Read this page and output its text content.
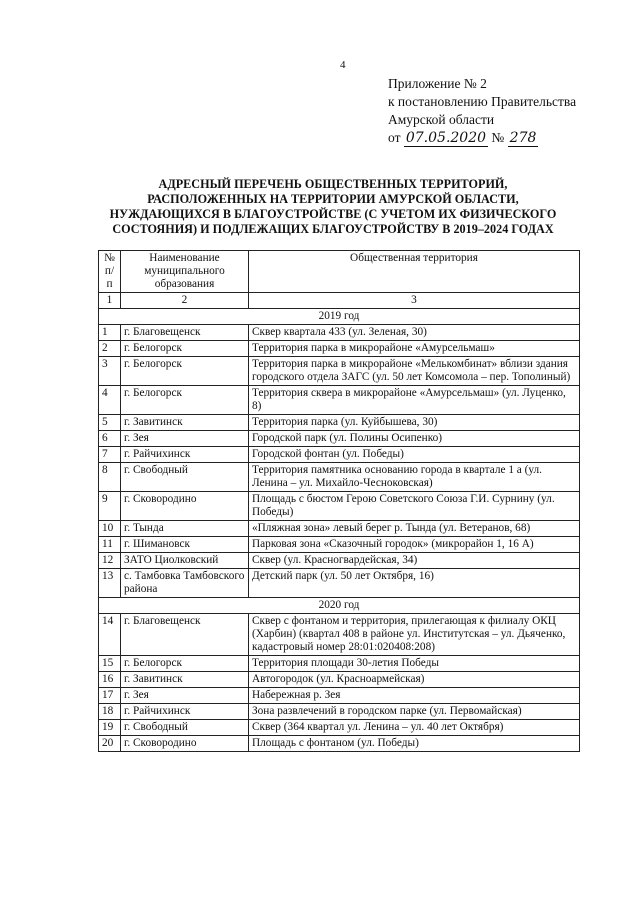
4
Приложение № 2
к постановлению Правительства
Амурской области
от 07.05.2020 № 278
АДРЕСНЫЙ ПЕРЕЧЕНЬ ОБЩЕСТВЕННЫХ ТЕРРИТОРИЙ, РАСПОЛОЖЕННЫХ НА ТЕРРИТОРИИ АМУРСКОЙ ОБЛАСТИ, НУЖДАЮЩИХСЯ В БЛАГОУСТРОЙСТВЕ (С УЧЕТОМ ИХ ФИЗИЧЕСКОГО СОСТОЯНИЯ) И ПОДЛЕЖАЩИХ БЛАГОУСТРОЙСТВУ В 2019–2024 ГОДАХ
№ п/п	Наименование муниципального образования	Общественная территория
1	2	3
2019 год		
1	г. Благовещенск	Сквер квартала 433 (ул. Зеленая, 30)
2	г. Белогорск	Территория парка в микрорайоне «Амурсельмаш»
3	г. Белогорск	Территория парка в микрорайоне «Мелькомбинат» вблизи здания городского отдела ЗАГС (ул. 50 лет Комсомола – пер. Тополиный)
4	г. Белогорск	Территория сквера в микрорайоне «Амурсельмаш» (ул. Луценко, 8)
5	г. Завитинск	Территория парка (ул. Куйбышева, 30)
6	г. Зея	Городской парк (ул. Полины Осипенко)
7	г. Райчихинск	Городской фонтан (ул. Победы)
8	г. Свободный	Территория памятника основанию города в квартале 1 а (ул. Ленина – ул. Михайло-Чесноковская)
9	г. Сковородино	Площадь с бюстом Герою Советского Союза Г.И. Сурнину (ул. Победы)
10	г. Тында	«Пляжная зона» левый берег р. Тында (ул. Ветеранов, 68)
11	г. Шимановск	Парковая зона «Сказочный городок» (микрорайон 1, 16 А)
12	ЗАТО Циолковский	Сквер (ул. Красногвардейская, 34)
13	с. Тамбовка Тамбовского района	Детский парк (ул. 50 лет Октября, 16)
2020 год		
14	г. Благовещенск	Сквер с фонтаном и территория, прилегающая к филиалу ОКЦ (Харбин) (квартал 408 в районе ул. Институтская – ул. Дьяченко, кадастровый номер 28:01:020408:208)
15	г. Белогорск	Территория площади 30-летия Победы
16	г. Завитинск	Автогородок (ул. Красноармейская)
17	г. Зея	Набережная р. Зея
18	г. Райчихинск	Зона развлечений в городском парке (ул. Первомайская)
19	г. Свободный	Сквер (364 квартал ул. Ленина – ул. 40 лет Октября)
20	г. Сковородино	Площадь с фонтаном (ул. Победы)
